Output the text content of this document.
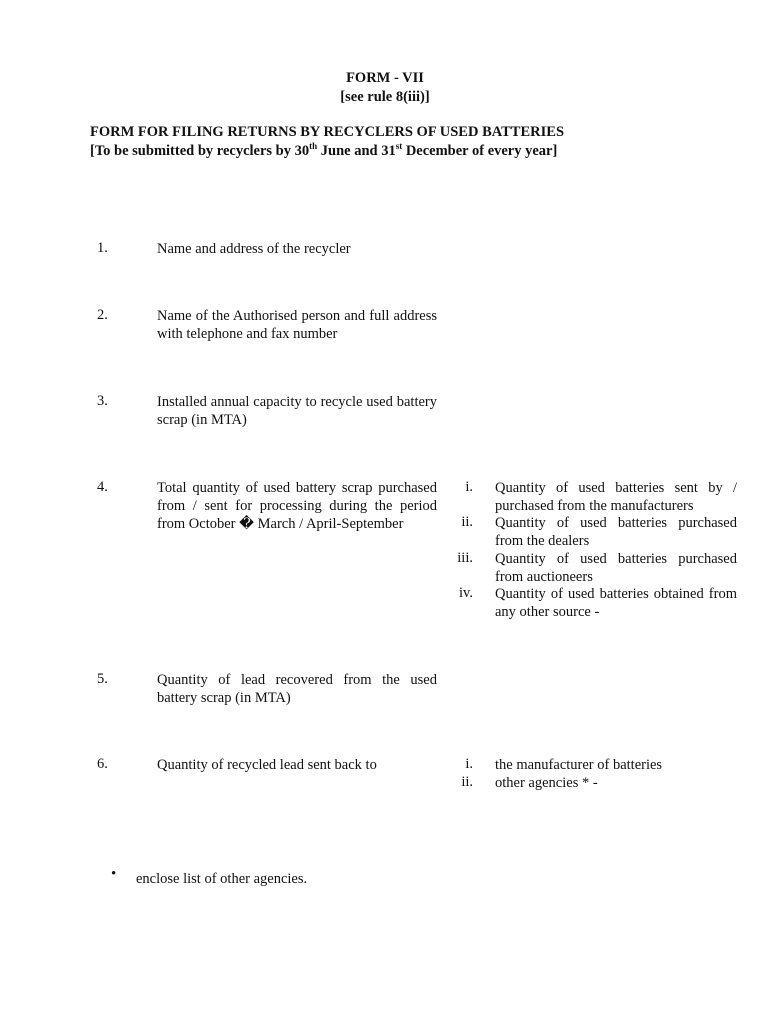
FORM - VII
[see rule 8(iii)]
FORM FOR FILING RETURNS BY RECYCLERS OF USED BATTERIES
[To be submitted by recyclers by 30th June and 31st December of every year]
1.	Name and address of the recycler
2.	Name of the Authorised person and full address with telephone and fax number
3.	Installed annual capacity to recycle used battery scrap (in MTA)
4.	Total quantity of used battery scrap purchased from / sent for processing during the period from October � March / April-September
i. Quantity of used batteries sent by / purchased from the manufacturers
ii. Quantity of used batteries purchased from the dealers
iii. Quantity of used batteries purchased from auctioneers
iv. Quantity of used batteries obtained from any other source -
5.	Quantity of lead recovered from the used battery scrap (in MTA)
6.	Quantity of recycled lead sent back to	i. the manufacturer of batteries
ii. other agencies * -
• enclose list of other agencies.
